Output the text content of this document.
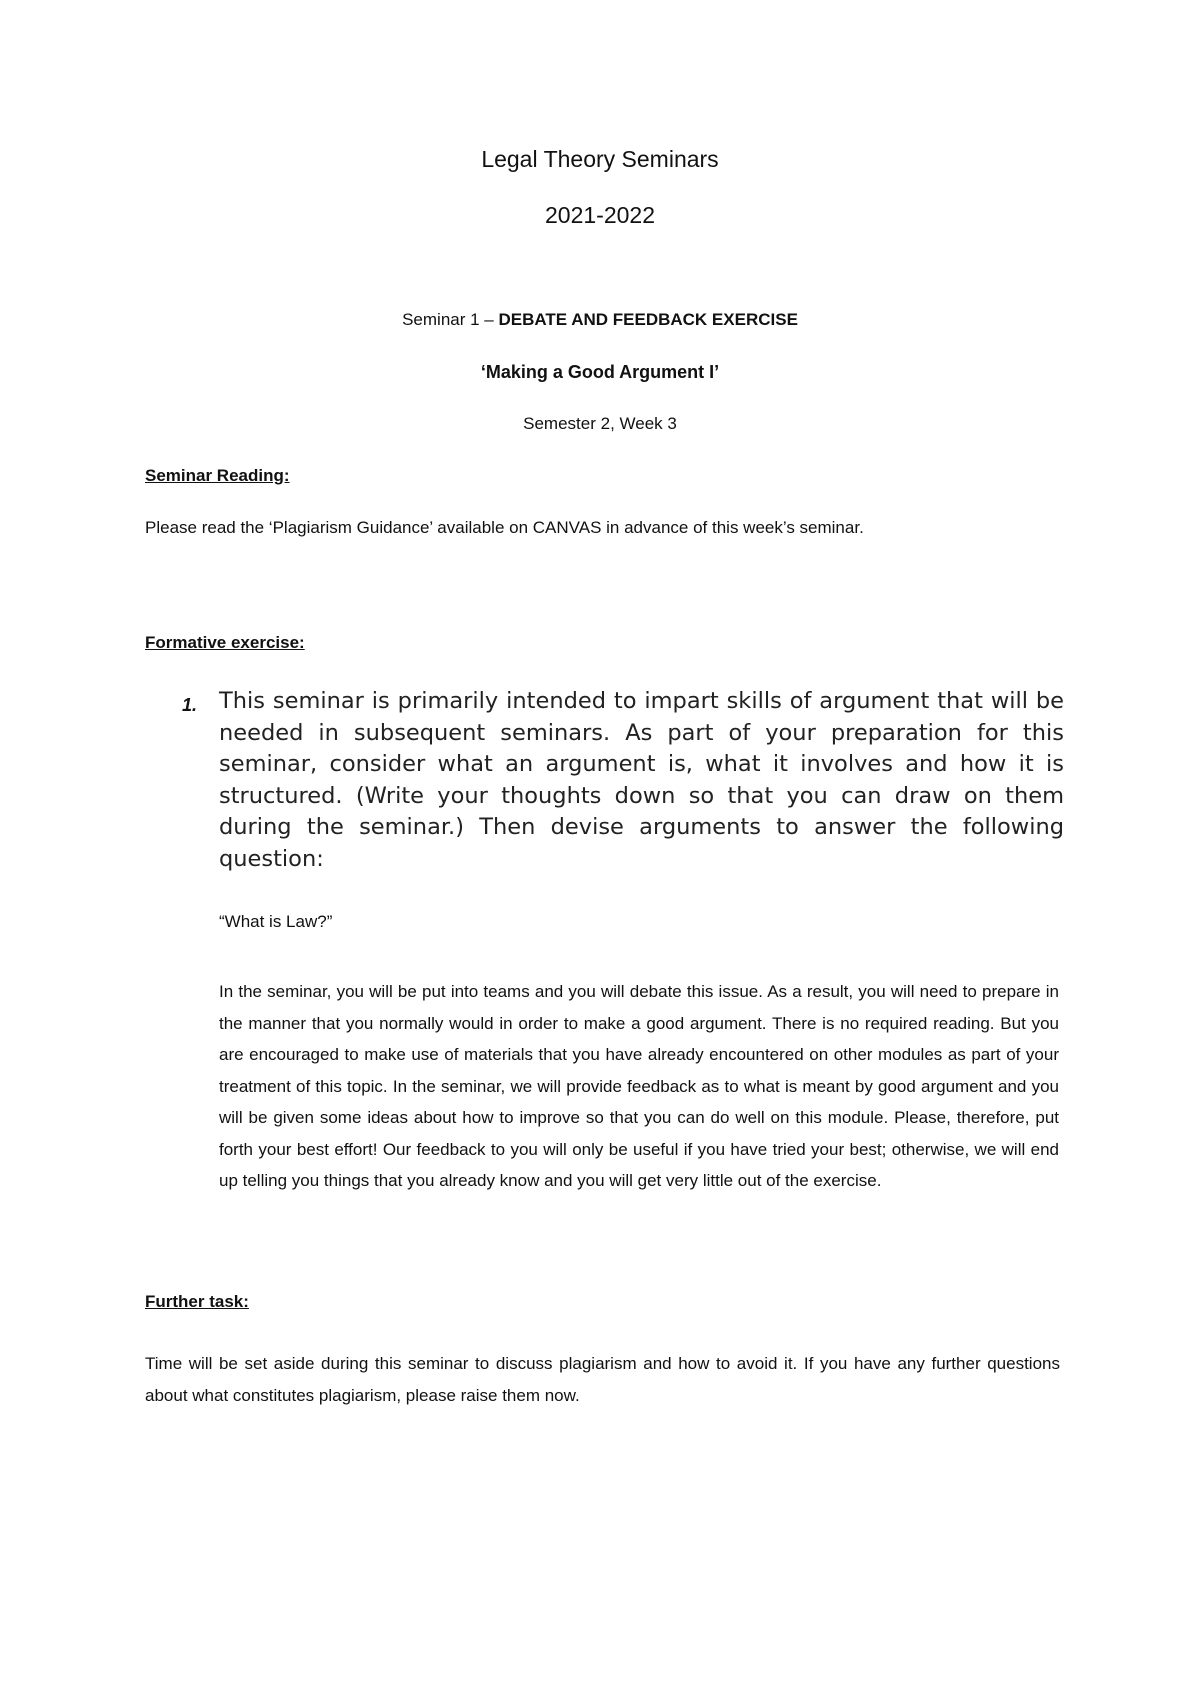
Legal Theory Seminars
2021-2022
Seminar 1 – DEBATE AND FEEDBACK EXERCISE
‘Making a Good Argument I’
Semester 2, Week 3
Seminar Reading:
Please read the ‘Plagiarism Guidance’ available on CANVAS in advance of this week’s seminar.
Formative exercise:
1. This seminar is primarily intended to impart skills of argument that will be needed in subsequent seminars. As part of your preparation for this seminar, consider what an argument is, what it involves and how it is structured. (Write your thoughts down so that you can draw on them during the seminar.) Then devise arguments to answer the following question:
“What is Law?”
In the seminar, you will be put into teams and you will debate this issue. As a result, you will need to prepare in the manner that you normally would in order to make a good argument. There is no required reading. But you are encouraged to make use of materials that you have already encountered on other modules as part of your treatment of this topic. In the seminar, we will provide feedback as to what is meant by good argument and you will be given some ideas about how to improve so that you can do well on this module. Please, therefore, put forth your best effort! Our feedback to you will only be useful if you have tried your best; otherwise, we will end up telling you things that you already know and you will get very little out of the exercise.
Further task:
Time will be set aside during this seminar to discuss plagiarism and how to avoid it. If you have any further questions about what constitutes plagiarism, please raise them now.
